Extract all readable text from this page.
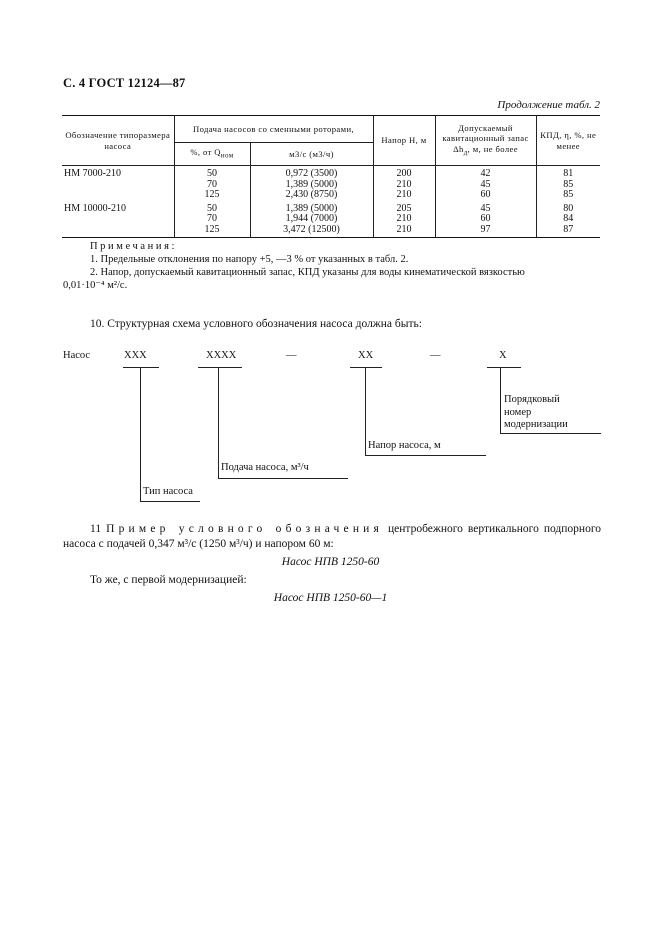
С. 4 ГОСТ 12124—87
Продолжение табл. 2
Обозначение типоразмера насоса	Подача насосов со сменными роторами,		Напор H, м	Допускаемый кавитационный запас $\Delta h_д$, м, не более	КПД, η, %, не менее
	%, от $Q_{ном}$	м3/с (м3/ч)			
НМ 7000-210	50	0,972 (3500)	200	42	81
	70	1,389 (5000)	210	45	85
	125	2,430 (8750)	210	60	85
НМ 10000-210	50	1,389 (5000)	205	45	80
	70	1,944 (7000)	210	60	84
	125	3,472 (12500)	210	97	87
Примечания:
1. Предельные отклонения по напору +5, —3 % от указанных в табл. 2.
2. Напор, допускаемый кавитационный запас, КПД указаны для воды кинематической вязкостью
0,01·10⁻⁴ м²/с.
10. Структурная схема условного обозначения насоса должна быть:
Насос	XXX	XXXX	—	XX	—	X
Тип насоса
Подача насоса, м³/ч
Напор насоса, м
Порядковый
номер
модернизации
11 Пример условного обозначения центробежного вертикального подпорного насоса с подачей 0,347 м³/с (1250 м³/ч) и напором 60 м:
Насос НПВ 1250-60
То же, с первой модернизацией:
Насос НПВ 1250-60—1
